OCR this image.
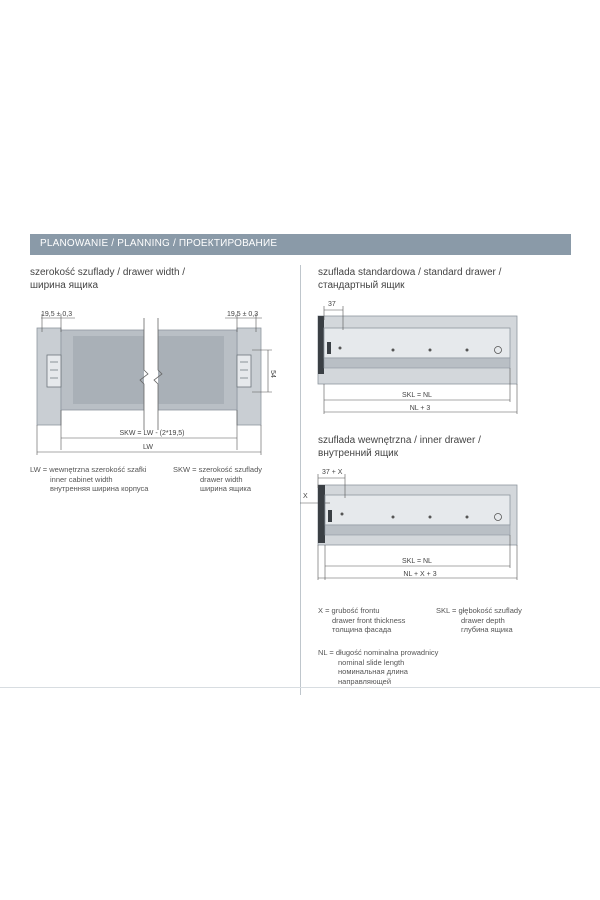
PLANOWANIE / PLANNING / ПРОЕКТИРОВАНИЕ
szerokość szuflady / drawer width /
ширина ящика
szuflada standardowa / standard drawer /
стандартный ящик
szuflada wewnętrzna / inner drawer /
внутренний ящик
19,5 ± 0,3	19,5 ± 0,3
54
SKW = LW - (2*19,5)
LW
37
SKL = NL
NL + 3
37 + X
X
SKL = NL
NL + X + 3
LW = wewnętrzna szerokość szafki
inner cabinet width
внутренняя ширина корпуса
SKW = szerokość szuflady
drawer width
ширина ящика
X = grubość frontu
drawer front thickness
толщина фасада
SKL = głębokość szuflady
drawer depth
глубина ящика
NL = długość nominalna prowadnicy
nominal slide length
номинальная длина
направляющей
